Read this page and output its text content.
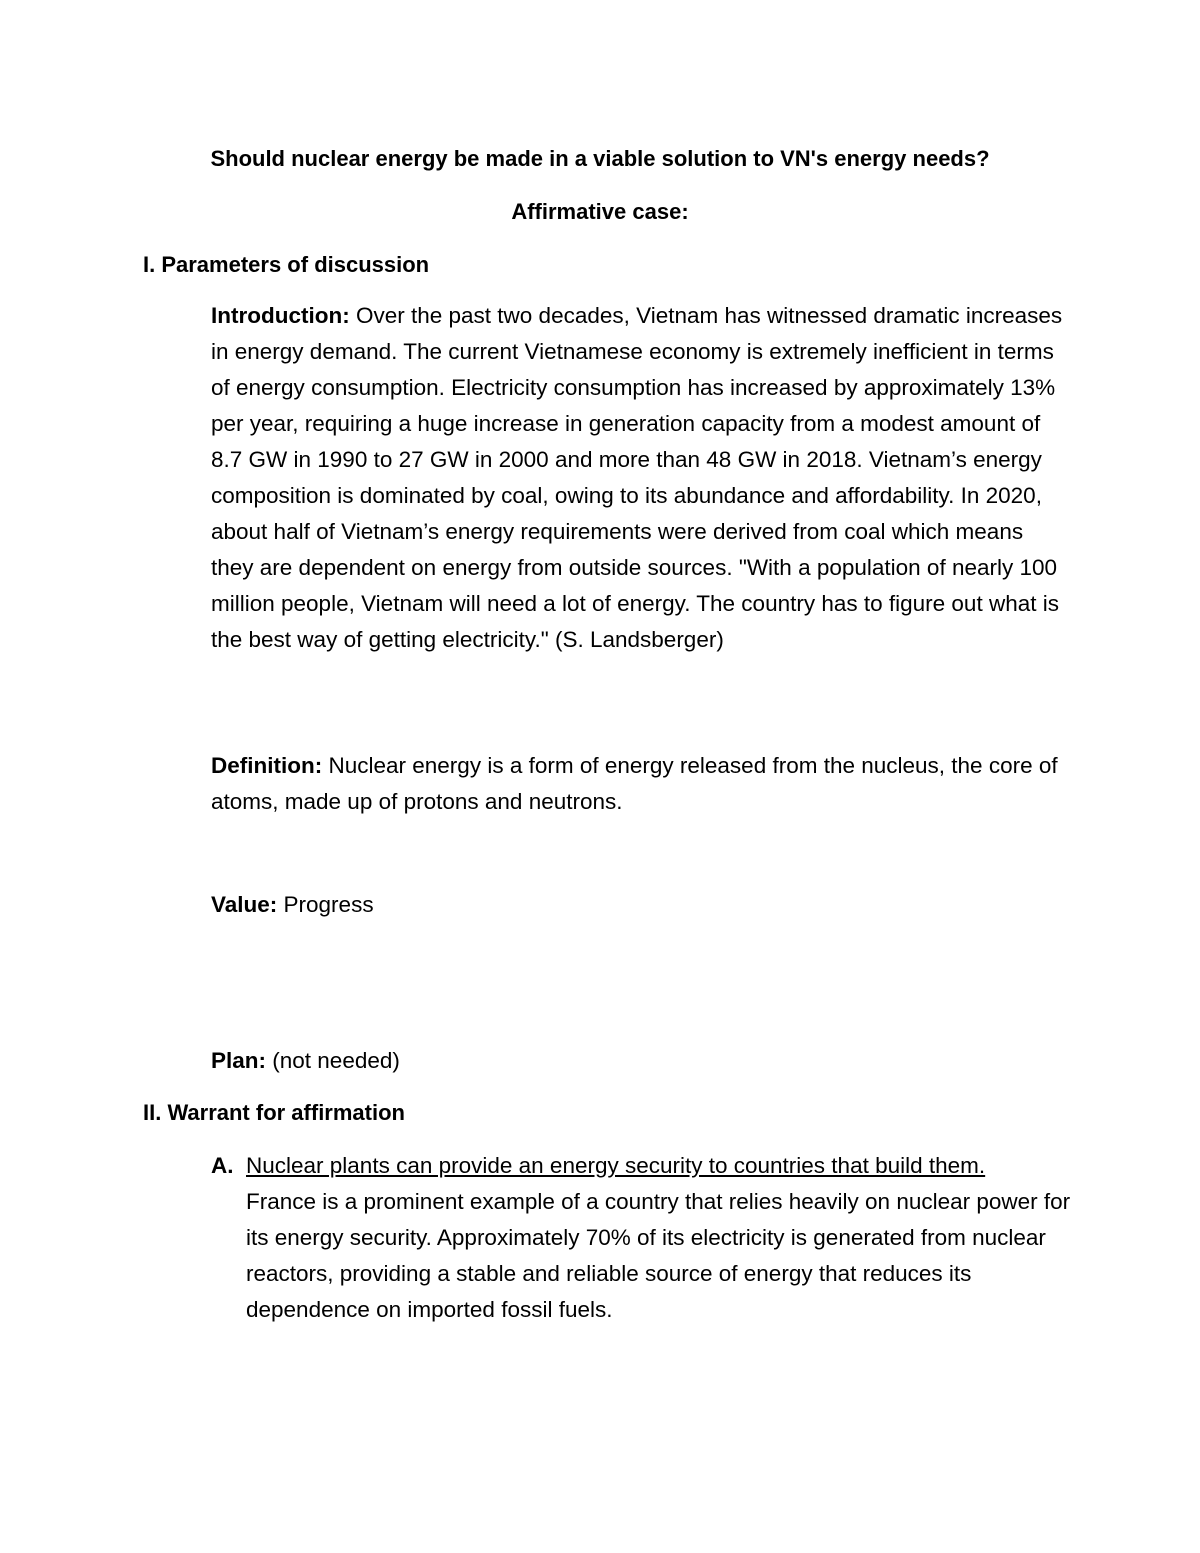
Should nuclear energy be made in a viable solution to VN's energy needs?
Affirmative case:
I. Parameters of discussion
Introduction: Over the past two decades, Vietnam has witnessed dramatic increases in energy demand. The current Vietnamese economy is extremely inefficient in terms of energy consumption. Electricity consumption has increased by approximately 13% per year, requiring a huge increase in generation capacity from a modest amount of 8.7 GW in 1990 to 27 GW in 2000 and more than 48 GW in 2018. Vietnam’s energy composition is dominated by coal, owing to its abundance and affordability. In 2020, about half of Vietnam’s energy requirements were derived from coal which means they are dependent on energy from outside sources. "With a population of nearly 100 million people, Vietnam will need a lot of energy. The country has to figure out what is the best way of getting electricity." (S. Landsberger)
Definition: Nuclear energy is a form of energy released from the nucleus, the core of atoms, made up of protons and neutrons.
Value: Progress
Plan: (not needed)
II. Warrant for affirmation
A. Nuclear plants can provide an energy security to countries that build them.
France is a prominent example of a country that relies heavily on nuclear power for its energy security. Approximately 70% of its electricity is generated from nuclear reactors, providing a stable and reliable source of energy that reduces its dependence on imported fossil fuels.
